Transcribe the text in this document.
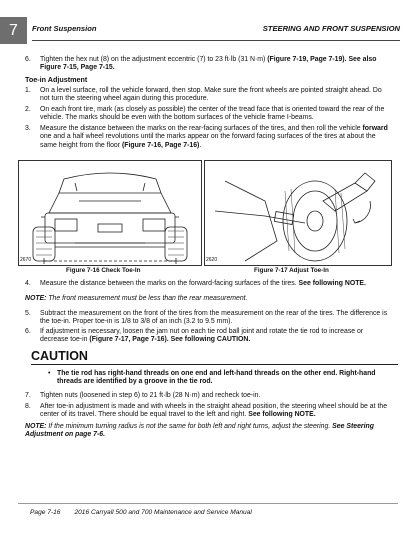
7 Front Suspension	STEERING AND FRONT SUSPENSION
6.	Tighten the hex nut (8) on the adjustment eccentric (7) to 23 ft·lb (31 N·m) (Figure 7-19, Page 7-19). See also Figure 7-15, Page 7-15.
Toe-in Adjustment
1.	On a level surface, roll the vehicle forward, then stop. Make sure the front wheels are pointed straight ahead. Do not turn the steering wheel again during this procedure.
2.	On each front tire, mark (as closely as possible) the center of the tread face that is oriented toward the rear of the vehicle. The marks should be even with the bottom surfaces of the vehicle frame I-beams.
3.	Measure the distance between the marks on the rear-facing surfaces of the tires, and then roll the vehicle forward one and a half wheel revolutions until the marks appear on the forward facing surfaces of the tires at about the same height from the floor (Figure 7-16, Page 7-16).
2670
Figure 7-16 Check Toe-In
2620
Figure 7-17 Adjust Toe-In
4.	Measure the distance between the marks on the forward-facing surfaces of the tires. See following NOTE.
NOTE: The front measurement must be less than the rear measurement.
5.	Subtract the measurement on the front of the tires from the measurement on the rear of the tires. The difference is the toe-in. Proper toe-in is 1/8 to 3/8 of an inch (3.2 to 9.5 mm).
6.	If adjustment is necessary, loosen the jam nut on each tie rod ball joint and rotate the tie rod to increase or decrease toe-in (Figure 7-17, Page 7-16). See following CAUTION.
CAUTION
• The tie rod has right-hand threads on one end and left-hand threads on the other end. Right-hand threads are identified by a groove in the tie rod.
7.	Tighten nuts (loosened in step 6) to 21 ft·lb (28 N·m) and recheck toe-in.
8.	After toe-in adjustment is made and with wheels in the straight ahead position, the steering wheel should be at the center of its travel. There should be equal travel to the left and right. See following NOTE.
NOTE: If the minimum turning radius is not the same for both left and right turns, adjust the steering. See Steering Adjustment on page 7-6.
Page 7-16 2016 Carryall 500 and 700 Maintenance and Service Manual
